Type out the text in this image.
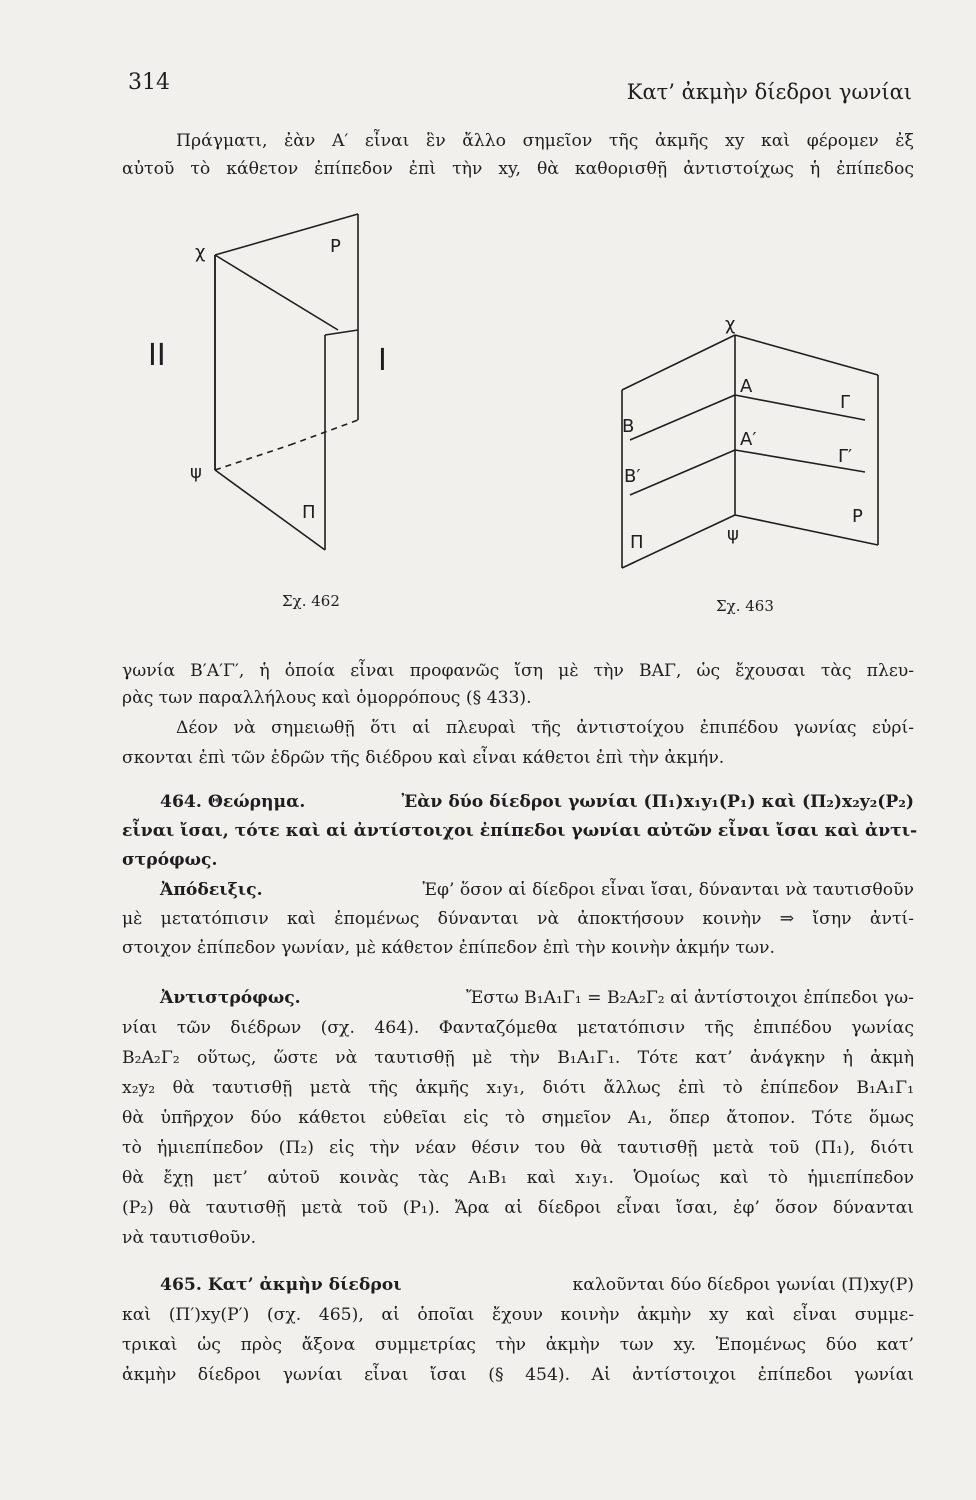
314	Κατ’ ἀκμὴν δίεδροι γωνίαι
Πράγματι, ἐὰν Α′ εἶναι ἓν ἄλλο σημεῖον τῆς ἀκμῆς xy καὶ φέρομεν ἐξ
αὐτοῦ τὸ κάθετον ἐπίπεδον ἐπὶ τὴν xy, θὰ καθορισθῇ ἀντιστοίχως ἡ ἐπίπεδος
χ	P
II	I
ψ
Π
Σχ. 462
χ
Α
Γ
Β
Α′
Γ′
Β′
P
Π	ψ
Σχ. 463
γωνία Β′Α′Γ′, ἡ ὁποία εἶναι προφανῶς ἴση μὲ τὴν ΒΑΓ, ὡς ἔχουσαι τὰς πλευ-
ρὰς των παραλλήλους καὶ ὁμορρόπους (§ 433).
Δέον νὰ σημειωθῇ ὅτι αἱ πλευραὶ τῆς ἀντιστοίχου ἐπιπέδου γωνίας εὑρί-
σκονται ἐπὶ τῶν ἑδρῶν τῆς διέδρου καὶ εἶναι κάθετοι ἐπὶ τὴν ἀκμήν.
464. Θεώρημα.	Ἐὰν δύο δίεδροι γωνίαι (Π₁)x₁y₁(P₁) καὶ (Π₂)x₂y₂(P₂)
εἶναι ἴσαι, τότε καὶ αἱ ἀντίστοιχοι ἐπίπεδοι γωνίαι αὐτῶν εἶναι ἴσαι καὶ ἀντι-
στρόφως.
Ἀπόδειξις.	Ἐφ’ ὅσον αἱ δίεδροι εἶναι ἴσαι, δύνανται νὰ ταυτισθοῦν
μὲ μετατόπισιν καὶ ἑπομένως δύνανται νὰ ἀποκτήσουν κοινὴν ⇒ ἴσην ἀντί-
στοιχον ἐπίπεδον γωνίαν, μὲ κάθετον ἐπίπεδον ἐπὶ τὴν κοινὴν ἀκμήν των.
Ἀντιστρόφως.	Ἔστω Β₁Α₁Γ₁ = Β₂Α₂Γ₂ αἱ ἀντίστοιχοι ἐπίπεδοι γω-
νίαι τῶν διέδρων (σχ. 464). Φανταζόμεθα μετατόπισιν τῆς ἐπιπέδου γωνίας
Β₂Α₂Γ₂ οὕτως, ὥστε νὰ ταυτισθῇ μὲ τὴν Β₁Α₁Γ₁. Τότε κατ’ ἀνάγκην ἡ ἀκμὴ
x₂y₂ θὰ ταυτισθῇ μετὰ τῆς ἀκμῆς x₁y₁, διότι ἄλλως ἐπὶ τὸ ἐπίπεδον Β₁Α₁Γ₁
θὰ ὑπῆρχον δύο κάθετοι εὐθεῖαι εἰς τὸ σημεῖον Α₁, ὅπερ ἄτοπον. Τότε ὅμως
τὸ ἡμιεπίπεδον (Π₂) εἰς τὴν νέαν θέσιν του θὰ ταυτισθῇ μετὰ τοῦ (Π₁), διότι
θὰ ἔχῃ μετ’ αὐτοῦ κοινὰς τὰς Α₁Β₁ καὶ x₁y₁. Ὁμοίως καὶ τὸ ἡμιεπίπεδον
(P₂) θὰ ταυτισθῇ μετὰ τοῦ (P₁). Ἄρα αἱ δίεδροι εἶναι ἴσαι, ἐφ’ ὅσον δύνανται
νὰ ταυτισθοῦν.
465. Κατ’ ἀκμὴν δίεδροι	καλοῦνται δύο δίεδροι γωνίαι (Π)xy(P)
καὶ (Π′)xy(P′) (σχ. 465), αἱ ὁποῖαι ἔχουν κοινὴν ἀκμὴν xy καὶ εἶναι συμμε-
τρικαὶ ὡς πρὸς ἄξονα συμμετρίας τὴν ἀκμὴν των xy. Ἑπομένως δύο κατ’
ἀκμὴν δίεδροι γωνίαι εἶναι ἴσαι (§ 454). Αἱ ἀντίστοιχοι ἐπίπεδοι γωνίαι
